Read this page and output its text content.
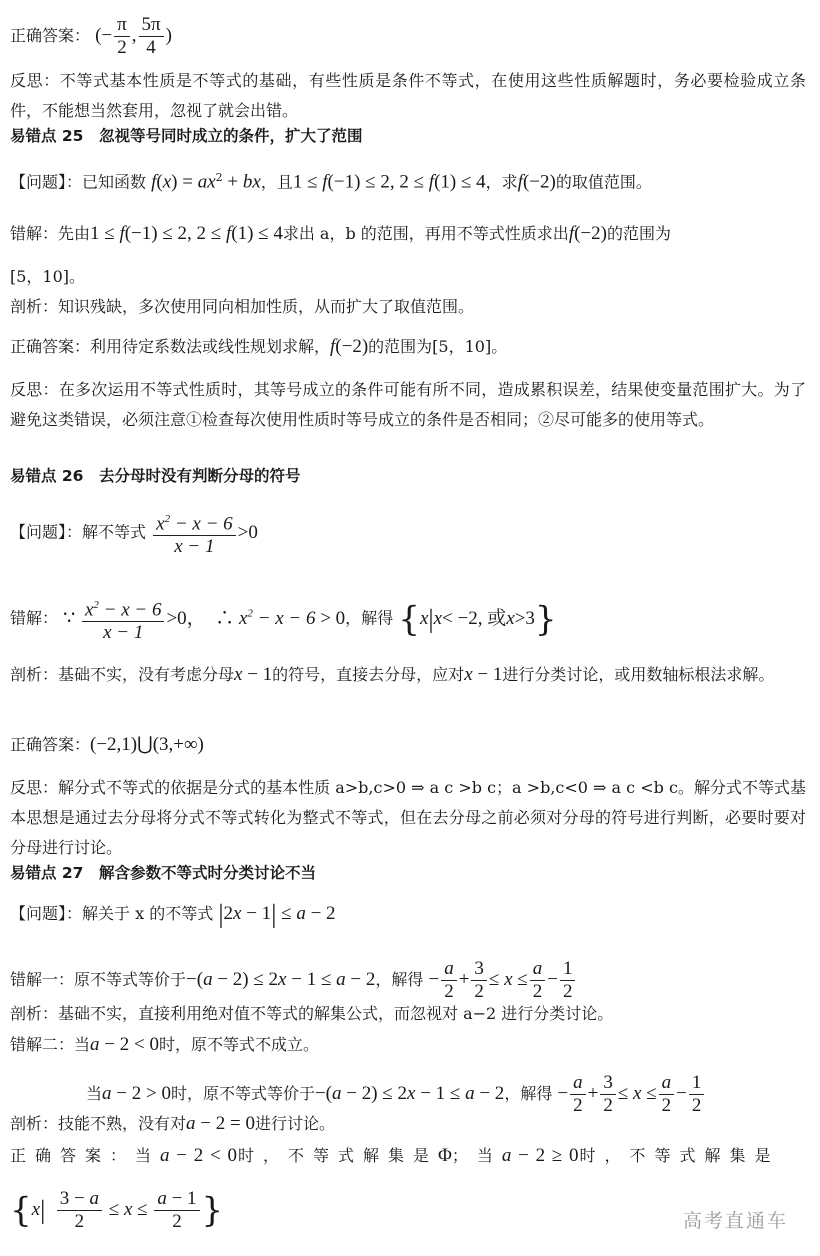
正确答案： (− $\frac{\pi}{2}$ , $\frac{5\pi}{4}$ )
反思：不等式基本性质是不等式的基础，有些性质是条件不等式，在使用这些性质解题时，务必要检验成立条件，不能想当然套用，忽视了就会出错。
易错点 25　忽视等号同时成立的条件，扩大了范围
【问题】：已知函数 $f(x) = ax^2$ + bx，且1 ≤ f(−1) ≤ 2, 2 ≤ f(1) ≤ 4，求f(−2)的取值范围。
错解：先由1 ≤ f(−1) ≤ 2, 2 ≤ f(1) ≤ 4求出 a，b 的范围，再用不等式性质求出f(−2)的范围为
[5，10]。
剖析：知识残缺，多次使用同向相加性质，从而扩大了取值范围。
正确答案：利用待定系数法或线性规划求解，f(−2)的范围为[5，10]。
反思：在多次运用不等式性质时，其等号成立的条件可能有所不同，造成累积误差，结果使变量范围扩大。为了避免这类错误，必须注意①检查每次使用性质时等号成立的条件是否相同；②尽可能多的使用等式。
易错点 26　去分母时没有判断分母的符号
【问题】：解不等式 $\frac{x^2 - x - 6}{x - 1} >0$
错解： ∵ $\frac{x^2 - x - 6}{x - 1} >0$，　∴ $x^2 - x - 6 > 0$，解得 {x|x< −2, 或x>3}
剖析：基础不实，没有考虑分母x − 1的符号，直接去分母，应对x − 1进行分类讨论，或用数轴标根法求解。
正确答案：(−2,1)⋃(3,+∞)
反思：解分式不等式的依据是分式的基本性质 a>b,c>0 ⇒ a c >b c；a >b,c<0 ⇒ a c <b c。解分式不等式基本思想是通过去分母将分式不等式转化为整式不等式，但在去分母之前必须对分母的符号进行判断，必要时要对分母进行讨论。
易错点 27　解含参数不等式时分类讨论不当
【问题】：解关于 x 的不等式 |2x − 1| ≤ a − 2
错解一：原不等式等价于−(a − 2) ≤ 2x − 1 ≤ a − 2，解得 − $\frac{a}{2} + \frac{3}{2} \le x \le \frac{a}{2} - \frac{1}{2}$
剖析：基础不实，直接利用绝对值不等式的解集公式，而忽视对 a−2 进行分类讨论。
错解二：当a − 2 < 0时，原不等式不成立。
当a − 2 > 0时，原不等式等价于−(a − 2) ≤ 2x − 1 ≤ a − 2，解得 − $\frac{a}{2} + \frac{3}{2} \le x \le \frac{a}{2} - \frac{1}{2}$
剖析：技能不熟，没有对a − 2 = 0进行讨论。
正确答案：当a − 2 < 0时，不等式解集是Φ；当a − 2 ≥ 0时，不等式解集是
{$x| \frac{3 - a}{2} \le x \le \frac{a - 1}{2}$ }	高考直通车
